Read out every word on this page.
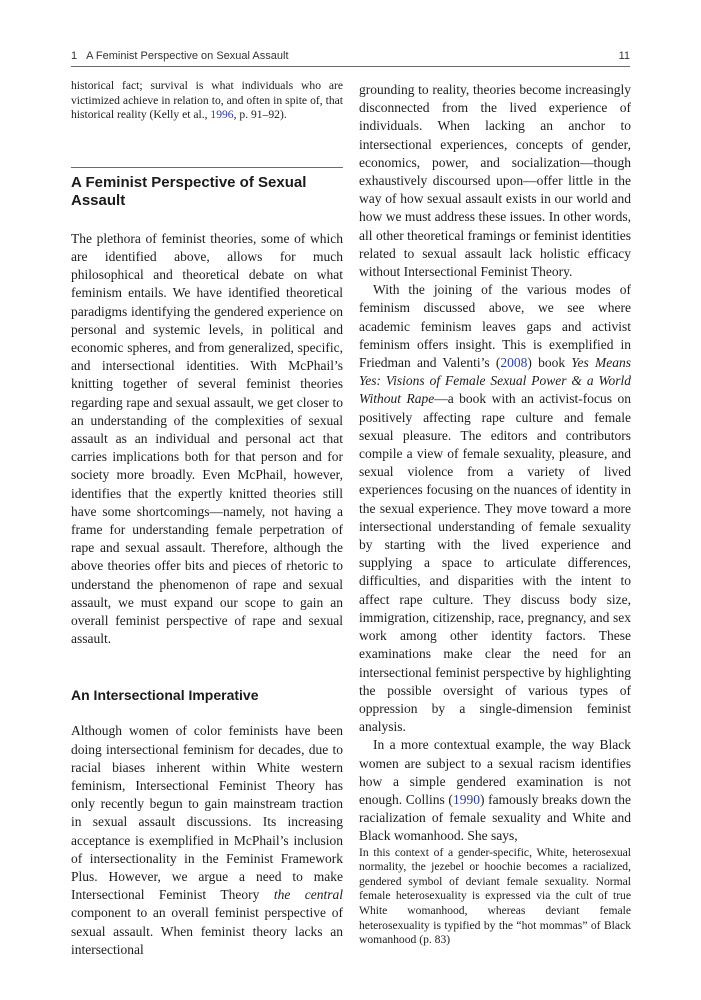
1 A Feminist Perspective on Sexual Assault	11

historical fact; survival is what individuals who are victimized achieve in relation to, and often in spite of, that historical reality (Kelly et al., 1996, p. 91–92).

A Feminist Perspective of Sexual Assault

The plethora of feminist theories, some of which are identified above, allows for much philosophical and theoretical debate on what feminism entails. We have identified theoretical paradigms identifying the gendered experience on personal and systemic levels, in political and economic spheres, and from generalized, specific, and intersectional identities. With McPhail’s knitting together of several feminist theories regarding rape and sexual assault, we get closer to an understanding of the complexities of sexual assault as an individual and personal act that carries implications both for that person and for society more broadly. Even McPhail, however, identifies that the expertly knitted theories still have some shortcomings—namely, not having a frame for understanding female perpetration of rape and sexual assault. Therefore, although the above theories offer bits and pieces of rhetoric to understand the phenomenon of rape and sexual assault, we must expand our scope to gain an overall feminist perspective of rape and sexual assault.

An Intersectional Imperative

Although women of color feminists have been doing intersectional feminism for decades, due to racial biases inherent within White western feminism, Intersectional Feminist Theory has only recently begun to gain mainstream traction in sexual assault discussions. Its increasing acceptance is exemplified in McPhail’s inclusion of intersectionality in the Feminist Framework Plus. However, we argue a need to make Intersectional Feminist Theory the central component to an overall feminist perspective of sexual assault. When feminist theory lacks an intersectional

grounding to reality, theories become increasingly disconnected from the lived experience of individuals. When lacking an anchor to intersectional experiences, concepts of gender, economics, power, and socialization—though exhaustively discoursed upon—offer little in the way of how sexual assault exists in our world and how we must address these issues. In other words, all other theoretical framings or feminist identities related to sexual assault lack holistic efficacy without Intersectional Feminist Theory.

With the joining of the various modes of feminism discussed above, we see where academic feminism leaves gaps and activist feminism offers insight. This is exemplified in Friedman and Valenti’s (2008) book Yes Means Yes: Visions of Female Sexual Power & a World Without Rape—a book with an activist-focus on positively affecting rape culture and female sexual pleasure. The editors and contributors compile a view of female sexuality, pleasure, and sexual violence from a variety of lived experiences focusing on the nuances of identity in the sexual experience. They move toward a more intersectional understanding of female sexuality by starting with the lived experience and supplying a space to articulate differences, difficulties, and disparities with the intent to affect rape culture. They discuss body size, immigration, citizenship, race, pregnancy, and sex work among other identity factors. These examinations make clear the need for an intersectional feminist perspective by highlighting the possible oversight of various types of oppression by a single-dimension feminist analysis.

In a more contextual example, the way Black women are subject to a sexual racism identifies how a simple gendered examination is not enough. Collins (1990) famously breaks down the racialization of female sexuality and White and Black womanhood. She says,

In this context of a gender-specific, White, heterosexual normality, the jezebel or hoochie becomes a racialized, gendered symbol of deviant female sexuality. Normal female heterosexuality is expressed via the cult of true White womanhood, whereas deviant female heterosexuality is typified by the “hot mommas” of Black womanhood (p. 83)
